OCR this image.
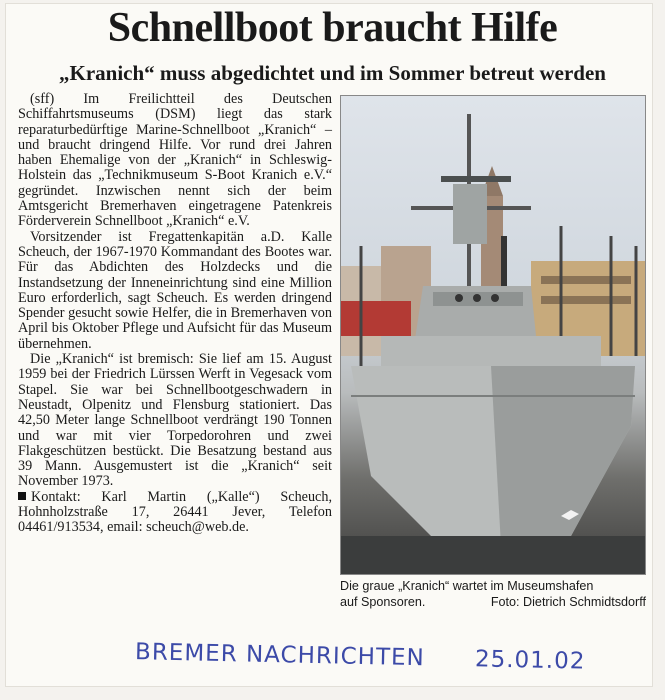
Schnellboot braucht Hilfe
„Kranich“ muss abgedichtet und im Sommer betreut werden

(sff) Im Freilichtteil des Deutschen Schiffahrtsmuseums (DSM) liegt das stark reparaturbedürftige Marine-Schnellboot „Kranich“ – und braucht dringend Hilfe. Vor rund drei Jahren haben Ehemalige von der „Kranich“ in Schleswig-Holstein das „Technikmuseum S-Boot Kranich e.V.“ gegründet. Inzwischen nennt sich der beim Amtsgericht Bremerhaven eingetragene Patenkreis Förderverein Schnellboot „Kranich“ e.V.

Vorsitzender ist Fregattenkapitän a.D. Kalle Scheuch, der 1967-1970 Kommandant des Bootes war. Für das Abdichten des Holzdecks und die Instandsetzung der Inneneinrichtung sind eine Million Euro erforderlich, sagt Scheuch. Es werden dringend Spender gesucht sowie Helfer, die in Bremerhaven von April bis Oktober Pflege und Aufsicht für das Museum übernehmen.

Die „Kranich“ ist bremisch: Sie lief am 15. August 1959 bei der Friedrich Lürssen Werft in Vegesack vom Stapel. Sie war bei Schnellbootgeschwadern in Neustadt, Olpenitz und Flensburg stationiert. Das 42,50 Meter lange Schnellboot verdrängt 190 Tonnen und war mit vier Torpedorohren und zwei Flakgeschützen bestückt. Die Besatzung bestand aus 39 Mann. Ausgemustert ist die „Kranich“ seit November 1973.

Kontakt: Karl Martin („Kalle“) Scheuch, Hohnholzstraße 17, 26441 Jever, Telefon 04461/913534, email: scheuch@web.de.

Die graue „Kranich“ wartet im Museumshafen
auf Sponsoren.	Foto: Dietrich Schmidtsdorff
BREMER NACHRICHTEN 25.01.02
